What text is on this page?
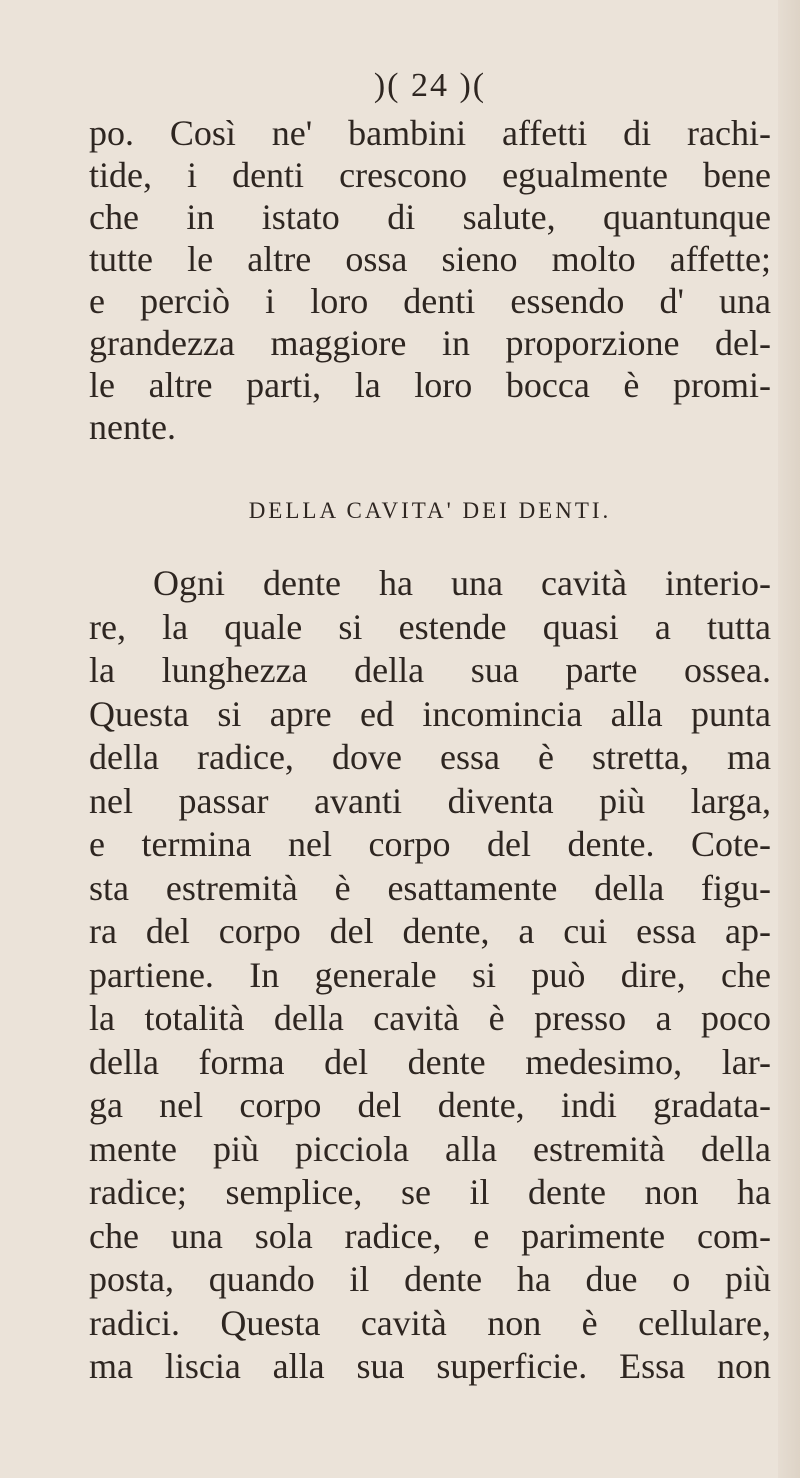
)( 24 )(
po. Così ne' bambini affetti di rachi-
tide, i denti crescono egualmente bene
che in istato di salute, quantunque
tutte le altre ossa sieno molto affette;
e perciò i loro denti essendo d' una
grandezza maggiore in proporzione del-
le altre parti, la loro bocca è promi-
nente.
DELLA CAVITA' DEI DENTI.
Ogni dente ha una cavità interio-
re, la quale si estende quasi a tutta
la lunghezza della sua parte ossea.
Questa si apre ed incomincia alla punta
della radice, dove essa è stretta, ma
nel passar avanti diventa più larga,
e termina nel corpo del dente. Cote-
sta estremità è esattamente della figu-
ra del corpo del dente, a cui essa ap-
partiene. In generale si può dire, che
la totalità della cavità è presso a poco
della forma del dente medesimo, lar-
ga nel corpo del dente, indi gradata-
mente più picciola alla estremità della
radice; semplice, se il dente non ha
che una sola radice, e parimente com-
posta, quando il dente ha due o più
radici. Questa cavità non è cellulare,
ma liscia alla sua superficie. Essa non
